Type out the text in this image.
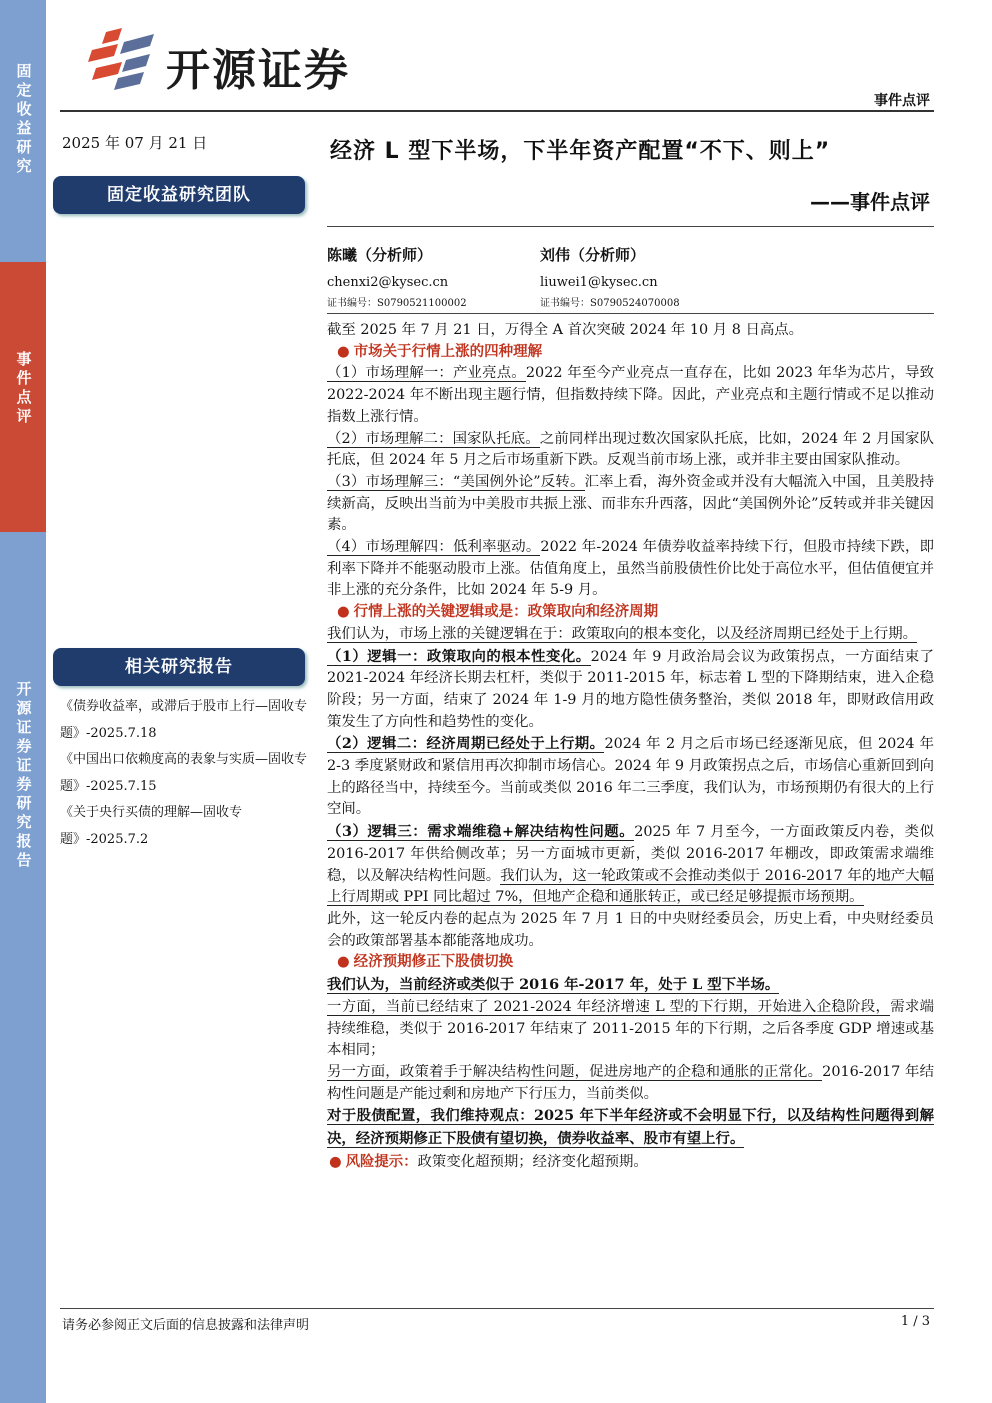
固定收益研究
事件点评
开源证券 证券研究报告
开源证券
事件点评
2025 年 07 月 21 日
固定收益研究团队
相关研究报告
《债券收益率，或滞后于股市上行—固收专题》-2025.7.18
《中国出口依赖度高的表象与实质—固收专题》-2025.7.15
《关于央行买债的理解—固收专题》-2025.7.2
经济 L 型下半场，下半年资产配置“不下、则上”
——事件点评
陈曦（分析师）
chenxi2@kysec.cn
证书编号：S0790521100002
刘伟（分析师）
liuwei1@kysec.cn
证书编号：S0790524070008

截至 2025 年 7 月 21 日，万得全 A 首次突破 2024 年 10 月 8 日高点。

● 市场关于行情上涨的四种理解

（1）市场理解一：产业亮点。2022 年至今产业亮点一直存在，比如 2023 年华为芯片，导致 2022-2024 年不断出现主题行情，但指数持续下降。因此，产业亮点和主题行情或不足以推动指数上涨行情。

（2）市场理解二：国家队托底。之前同样出现过数次国家队托底，比如，2024 年 2 月国家队托底，但 2024 年 5 月之后市场重新下跌。反观当前市场上涨，或并非主要由国家队推动。

（3）市场理解三：“美国例外论”反转。汇率上看，海外资金或并没有大幅流入中国，且美股持续新高，反映出当前为中美股市共振上涨、而非东升西落，因此“美国例外论”反转或并非关键因素。

（4）市场理解四：低利率驱动。2022 年-2024 年债券收益率持续下行，但股市持续下跌，即利率下降并不能驱动股市上涨。估值角度上，虽然当前股债性价比处于高位水平，但估值便宜并非上涨的充分条件，比如 2024 年 5-9 月。

● 行情上涨的关键逻辑或是：政策取向和经济周期

我们认为，市场上涨的关键逻辑在于：政策取向的根本变化，以及经济周期已经处于上行期。

（1）逻辑一：政策取向的根本性变化。2024 年 9 月政治局会议为政策拐点，一方面结束了 2021-2024 年经济长期去杠杆，类似于 2011-2015 年，标志着 L 型的下降期结束，进入企稳阶段；另一方面，结束了 2024 年 1-9 月的地方隐性债务整治，类似 2018 年，即财政信用政策发生了方向性和趋势性的变化。

（2）逻辑二：经济周期已经处于上行期。2024 年 2 月之后市场已经逐渐见底，但 2024 年 2-3 季度紧财政和紧信用再次抑制市场信心。2024 年 9 月政策拐点之后，市场信心重新回到向上的路径当中，持续至今。当前或类似 2016 年二三季度，我们认为，市场预期仍有很大的上行空间。

（3）逻辑三：需求端维稳+解决结构性问题。2025 年 7 月至今，一方面政策反内卷，类似 2016-2017 年供给侧改革；另一方面城市更新，类似 2016-2017 年棚改，即政策需求端维稳，以及解决结构性问题。我们认为，这一轮政策或不会推动类似于 2016-2017 年的地产大幅上行周期或 PPI 同比超过 7%，但地产企稳和通胀转正，或已经足够提振市场预期。

此外，这一轮反内卷的起点为 2025 年 7 月 1 日的中央财经委员会，历史上看，中央财经委员会的政策部署基本都能落地成功。

● 经济预期修正下股债切换

我们认为，当前经济或类似于 2016 年-2017 年，处于 L 型下半场。

一方面，当前已经结束了 2021-2024 年经济增速 L 型的下行期，开始进入企稳阶段，需求端持续维稳，类似于 2016-2017 年结束了 2011-2015 年的下行期，之后各季度 GDP 增速或基本相同；

另一方面，政策着手于解决结构性问题，促进房地产的企稳和通胀的正常化。2016-2017 年结构性问题是产能过剩和房地产下行压力，当前类似。

对于股债配置，我们维持观点：2025 年下半年经济或不会明显下行，以及结构性问题得到解决，经济预期修正下股债有望切换，债券收益率、股市有望上行。

● 风险提示：政策变化超预期；经济变化超预期。

请务必参阅正文后面的信息披露和法律声明	1 / 3
